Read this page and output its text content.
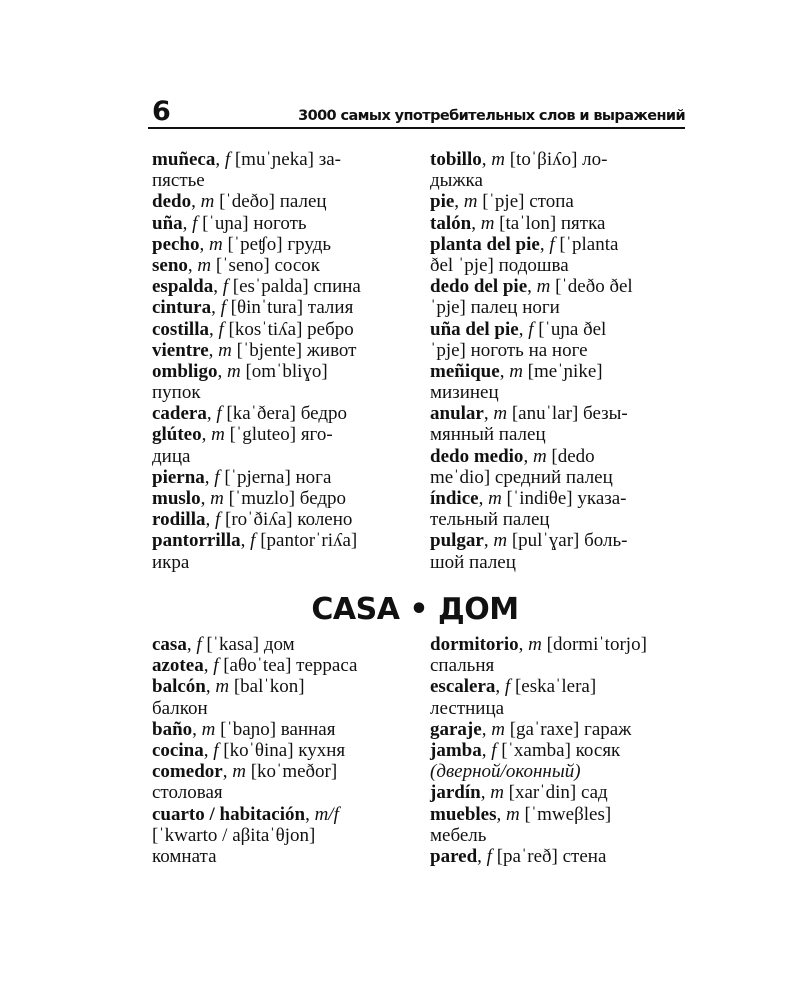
6	3000 самых употребительных слов и выражений
muñeca, f [muˈɲeka] за-
пястье
dedo, m [ˈdeðo] палец
uña, f [ˈuɲa] ноготь
pecho, m [ˈpeʧo] грудь
seno, m [ˈseno] сосок
espalda, f [esˈpalda] спина
cintura, f [θinˈtura] талия
costilla, f [kosˈtiʎa] ребро
vientre, m [ˈbjente] живот
ombligo, m [omˈbliɣo]
пупок
cadera, f [kaˈðera] бедро
glúteo, m [ˈgluteo] яго-
дица
pierna, f [ˈpjerna] нога
muslo, m [ˈmuzlo] бедро
rodilla, f [roˈðiʎa] колено
pantorrilla, f [pantorˈriʎa]
икра
tobillo, m [toˈβiʎo] ло-
дыжка
pie, m [ˈpje] стопа
talón, m [taˈlon] пятка
planta del pie, f [ˈplanta
ðel ˈpje] подошва
dedo del pie, m [ˈdeðo ðel
ˈpje] палец ноги
uña del pie, f [ˈuɲa ðel
ˈpje] ноготь на ноге
meñique, m [meˈɲike]
мизинец
anular, m [anuˈlar] безы-
мянный палец
dedo medio, m [dedo
meˈdio] средний палец
índice, m [ˈindiθe] указа-
тельный палец
pulgar, m [pulˈɣar] боль-
шой палец
CASA • ДОМ
casa, f [ˈkasa] дом
azotea, f [aθoˈtea] терраса
balcón, m [balˈkon]
балкон
baño, m [ˈbaɲo] ванная
cocina, f [koˈθina] кухня
comedor, m [koˈmeðor]
столовая
cuarto / habitación, m/f
[ˈkwarto / aβitaˈθjon]
комната
dormitorio, m [dormiˈtorjo]
спальня
escalera, f [eskaˈlera]
лестница
garaje, m [gaˈraxe] гараж
jamba, f [ˈxamba] косяк
(дверной/оконный)
jardín, m [xarˈdin] сад
muebles, m [ˈmweβles]
мебель
pared, f [paˈreð] стена
